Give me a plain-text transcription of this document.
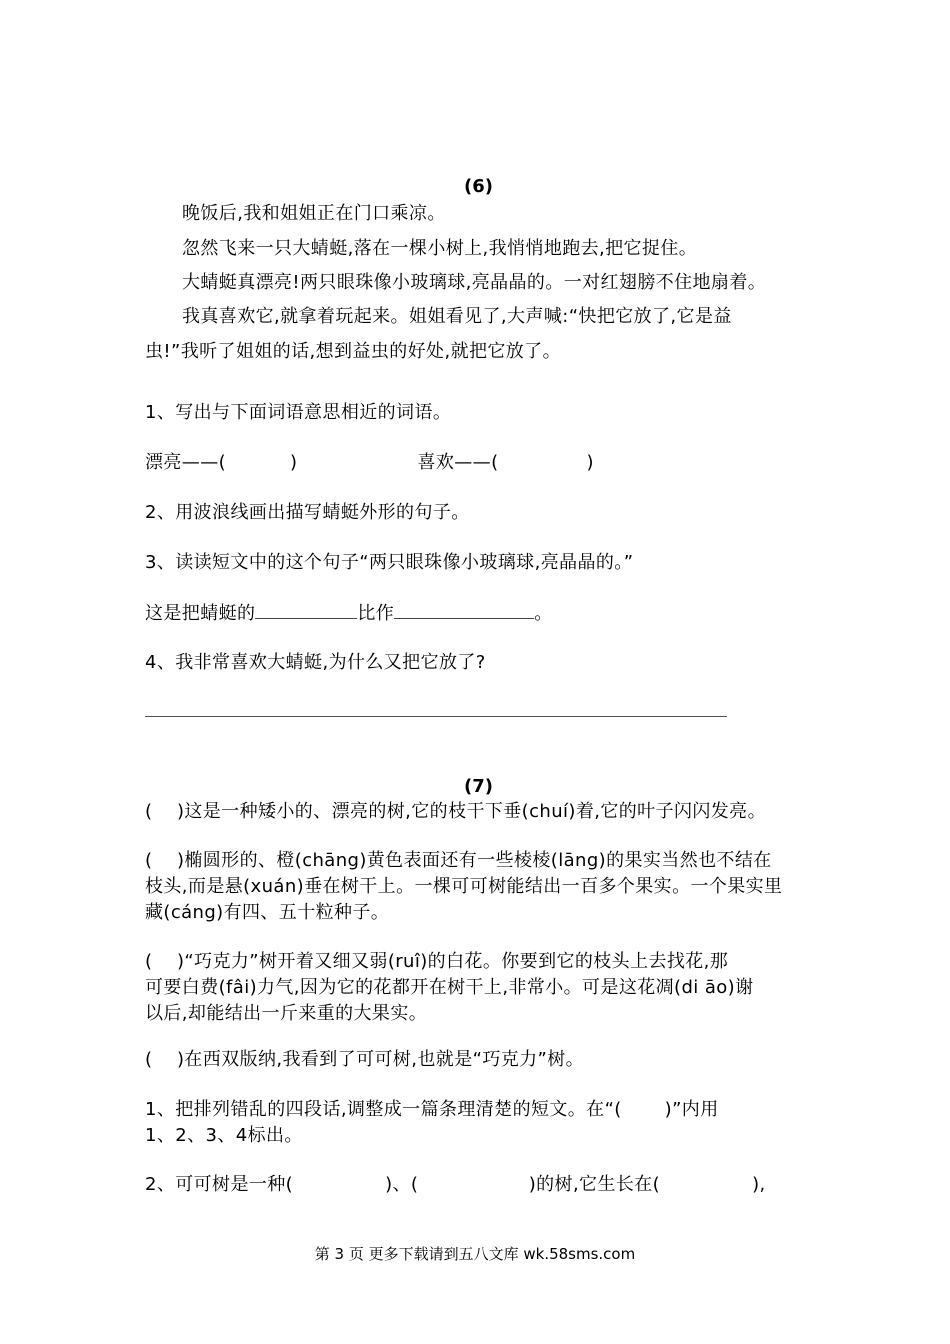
(6)
晚饭后,我和姐姐正在门口乘凉。
忽然飞来一只大蜻蜓,落在一棵小树上,我悄悄地跑去,把它捉住。
大蜻蜓真漂亮!两只眼珠像小玻璃球,亮晶晶的。一对红翅膀不住地扇着。
我真喜欢它,就拿着玩起来。姐姐看见了,大声喊:“快把它放了,它是益
虫!”我听了姐姐的话,想到益虫的好处,就把它放了。
1、写出与下面词语意思相近的词语。
漂亮——(	)	喜欢——(	)
2、用波浪线画出描写蜻蜓外形的句子。
3、读读短文中的这个句子“两只眼珠像小玻璃球,亮晶晶的。”
这是把蜻蜓的	比作	。
4、我非常喜欢大蜻蜓,为什么又把它放了?
(7)
(　 )这是一种矮小的、漂亮的树,它的枝干下垂(chuí)着,它的叶子闪闪发亮。
(　 )椭圆形的、橙(chāng)黄色表面还有一些棱棱(lāng)的果实当然也不结在
枝头,而是悬(xuán)垂在树干上。一棵可可树能结出一百多个果实。一个果实里
藏(cáng)有四、五十粒种子。
(　 )“巧克力”树开着又细又弱(ruî)的白花。你要到它的枝头上去找花,那
可要白费(fâi)力气,因为它的花都开在树干上,非常小。可是这花凋(di āo)谢
以后,却能结出一斤来重的大果实。
(　 )在西双版纳,我看到了可可树,也就是“巧克力”树。
1、把排列错乱的四段话,调整成一篇条理清楚的短文。在“(　 　)”内用
1、2、3、4标出。
2、可可树是一种(　　　　　)、(　　　　　　)的树,它生长在(　　　　　),
第 3 页 更多下载请到五八文库 wk.58sms.com
